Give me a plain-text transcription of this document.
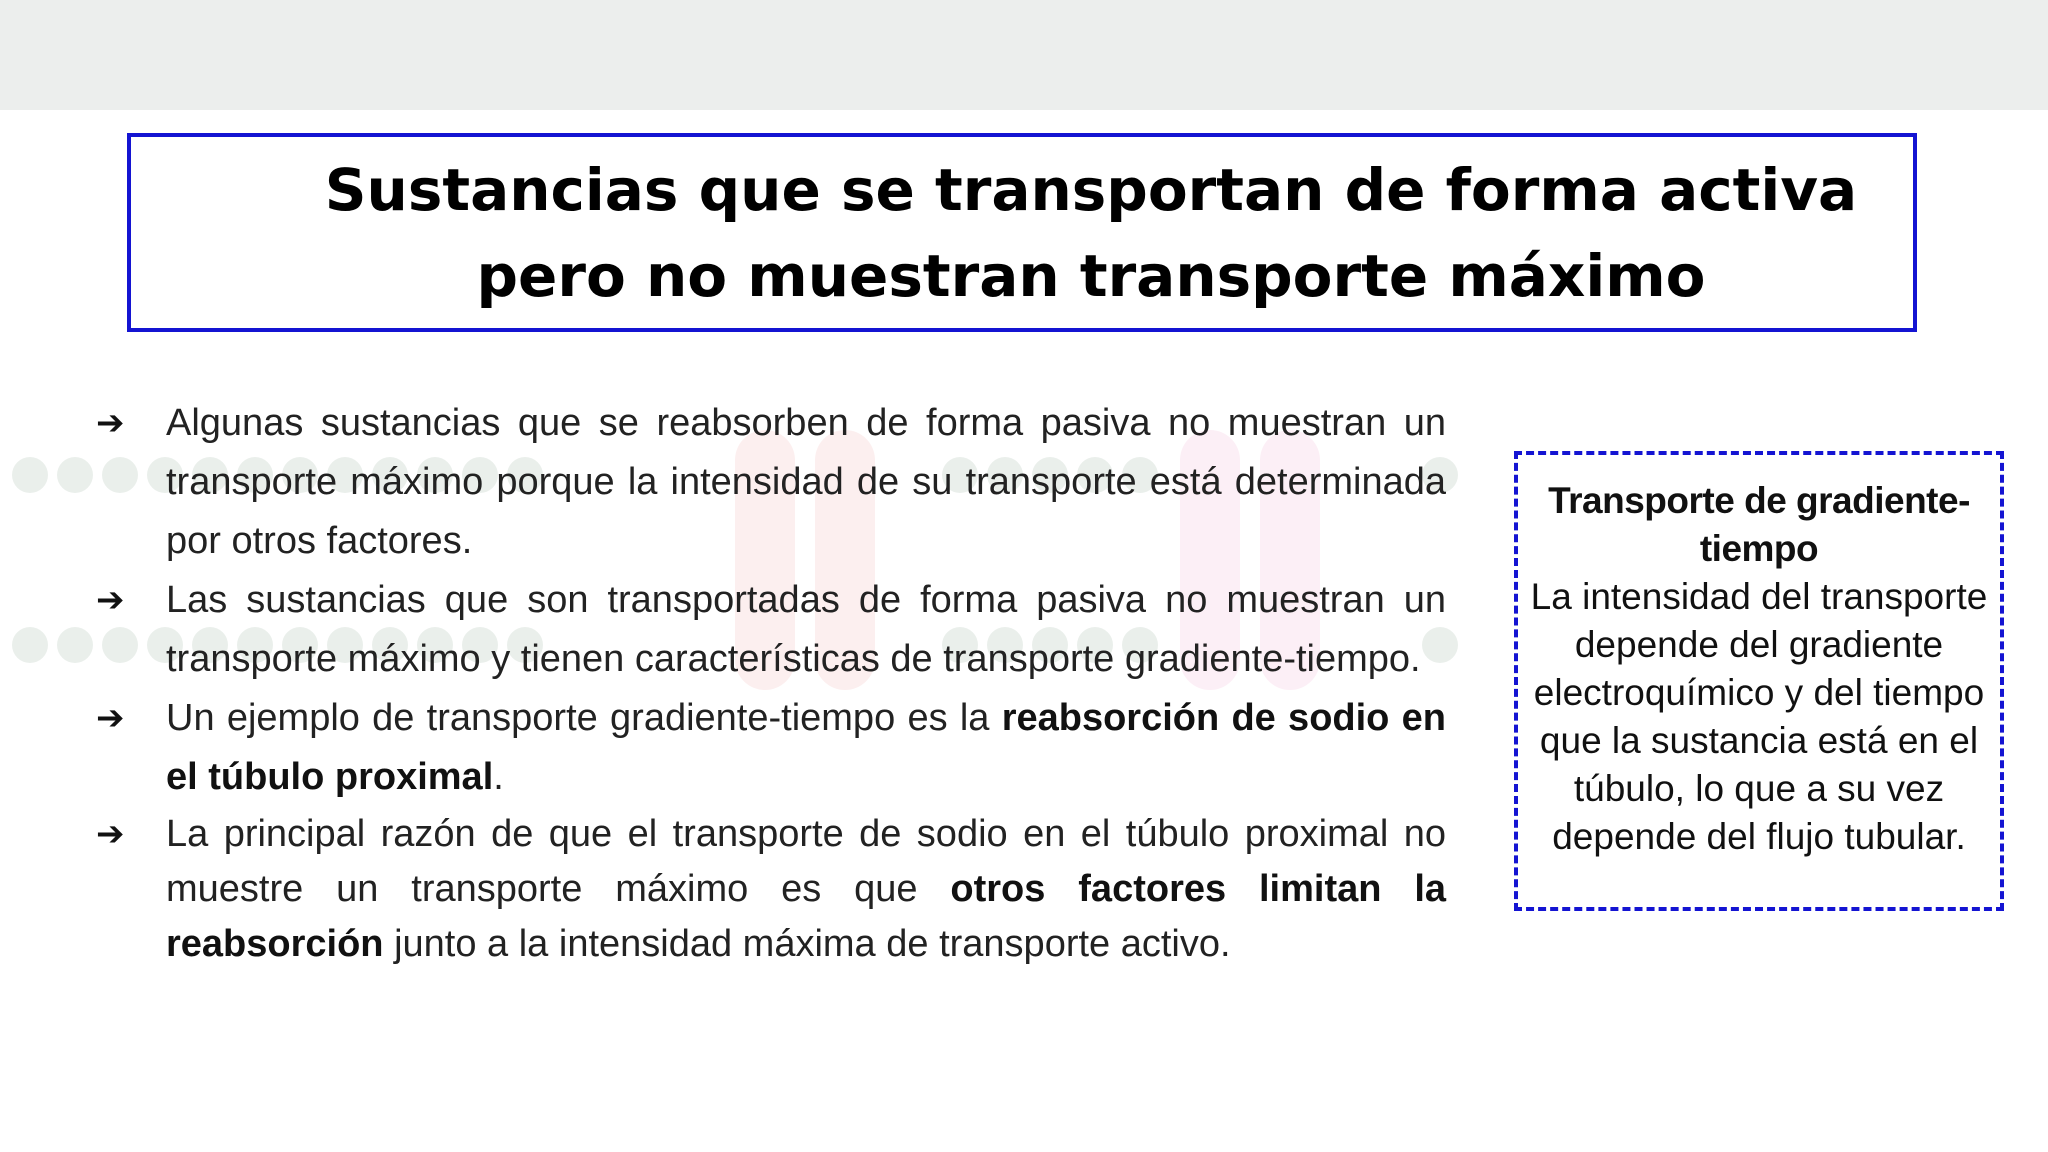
Sustancias que se transportan de forma activa pero no muestran transporte máximo
➔ Algunas sustancias que se reabsorben de forma pasiva no muestran un transporte máximo porque la intensidad de su transporte está determinada por otros factores.
➔ Las sustancias que son transportadas de forma pasiva no muestran un transporte máximo y tienen características de transporte gradiente-tiempo.
➔ Un ejemplo de transporte gradiente-tiempo es la reabsorción de sodio en el túbulo proximal.
➔ La principal razón de que el transporte de sodio en el túbulo proximal no muestre un transporte máximo es que otros factores limitan la reabsorción junto a la intensidad máxima de transporte activo.
Transporte de gradiente-tiempo
La intensidad del transporte depende del gradiente electroquímico y del tiempo que la sustancia está en el túbulo, lo que a su vez depende del flujo tubular.
